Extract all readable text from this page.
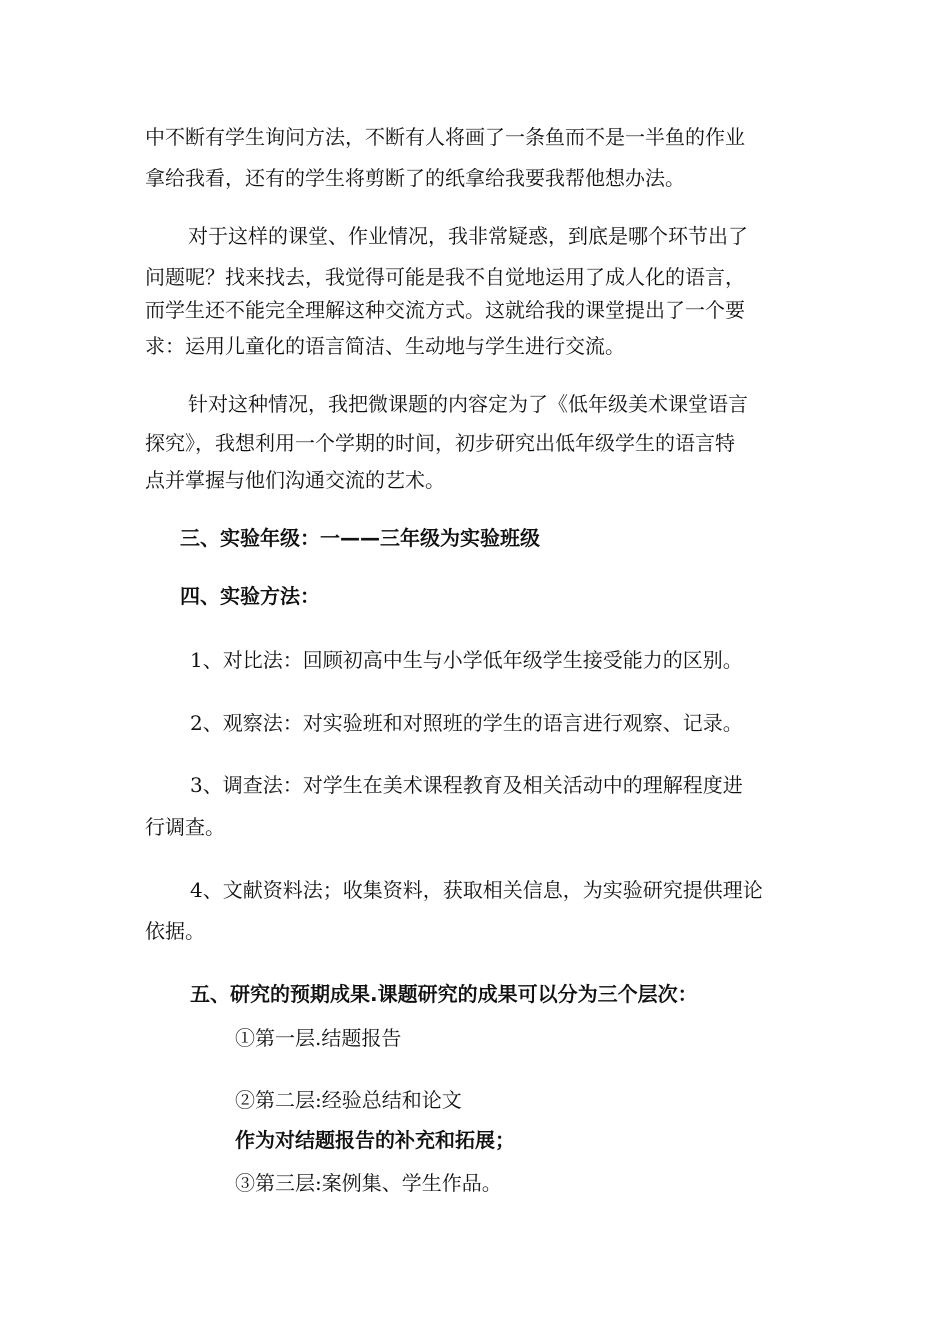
中不断有学生询问方法，不断有人将画了一条鱼而不是一半鱼的作业

拿给我看，还有的学生将剪断了的纸拿给我要我帮他想办法。

对于这样的课堂、作业情况，我非常疑惑，到底是哪个环节出了

问题呢？找来找去，我觉得可能是我不自觉地运用了成人化的语言，

而学生还不能完全理解这种交流方式。这就给我的课堂提出了一个要

求：运用儿童化的语言简洁、生动地与学生进行交流。

针对这种情况，我把微课题的内容定为了《低年级美术课堂语言

探究》，我想利用一个学期的时间，初步研究出低年级学生的语言特

点并掌握与他们沟通交流的艺术。

三、实验年级：一——三年级为实验班级

四、实验方法：

1、对比法：回顾初高中生与小学低年级学生接受能力的区别。

2、观察法：对实验班和对照班的学生的语言进行观察、记录。

3、调查法：对学生在美术课程教育及相关活动中的理解程度进

行调查。

4、文献资料法；收集资料，获取相关信息，为实验研究提供理论

依据。

五、研究的预期成果.课题研究的成果可以分为三个层次：

①第一层.结题报告

②第二层:经验总结和论文

作为对结题报告的补充和拓展；

③第三层:案例集、学生作品。
